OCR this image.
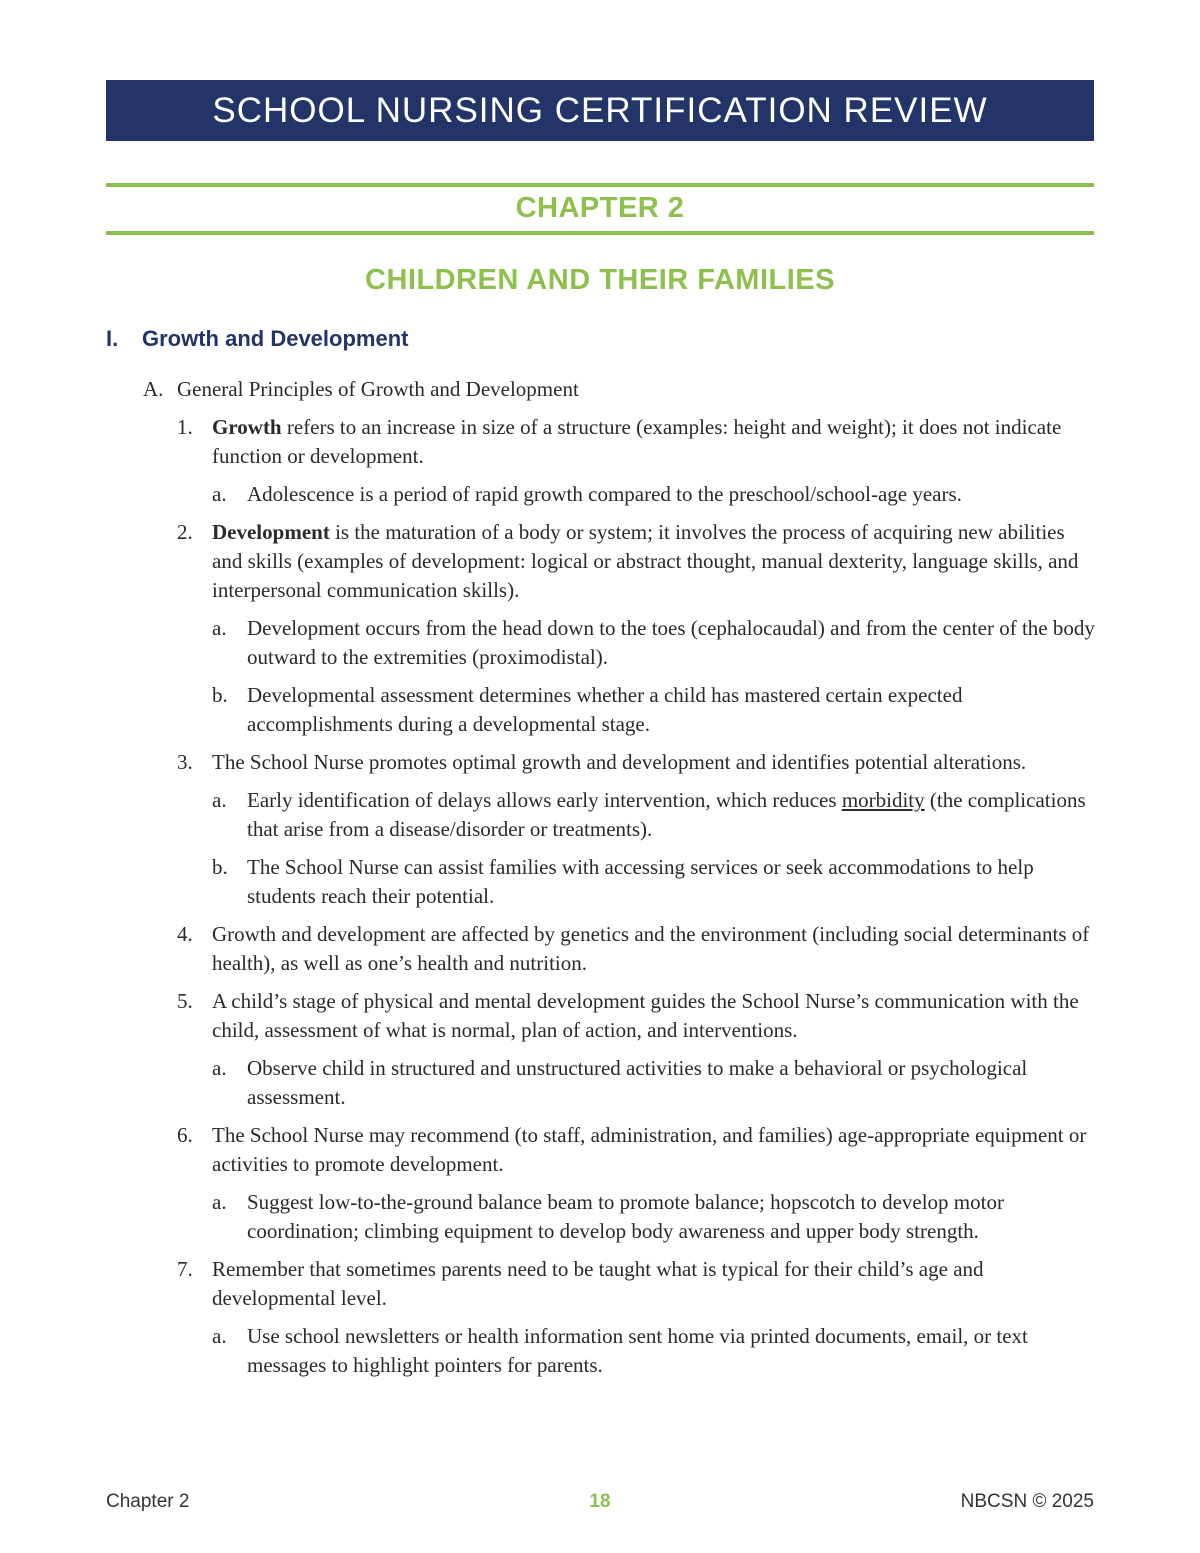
SCHOOL NURSING CERTIFICATION REVIEW
CHAPTER 2
CHILDREN AND THEIR FAMILIES
I. Growth and Development
A. General Principles of Growth and Development
1. Growth refers to an increase in size of a structure (examples: height and weight); it does not indicate function or development.
a. Adolescence is a period of rapid growth compared to the preschool/school-age years.
2. Development is the maturation of a body or system; it involves the process of acquiring new abilities and skills (examples of development: logical or abstract thought, manual dexterity, language skills, and interpersonal communication skills).
a. Development occurs from the head down to the toes (cephalocaudal) and from the center of the body outward to the extremities (proximodistal).
b. Developmental assessment determines whether a child has mastered certain expected accomplishments during a developmental stage.
3. The School Nurse promotes optimal growth and development and identifies potential alterations.
a. Early identification of delays allows early intervention, which reduces morbidity (the complications that arise from a disease/disorder or treatments).
b. The School Nurse can assist families with accessing services or seek accommodations to help students reach their potential.
4. Growth and development are affected by genetics and the environment (including social determinants of health), as well as one’s health and nutrition.
5. A child’s stage of physical and mental development guides the School Nurse’s communication with the child, assessment of what is normal, plan of action, and interventions.
a. Observe child in structured and unstructured activities to make a behavioral or psychological assessment.
6. The School Nurse may recommend (to staff, administration, and families) age-appropriate equipment or activities to promote development.
a. Suggest low-to-the-ground balance beam to promote balance; hopscotch to develop motor coordination; climbing equipment to develop body awareness and upper body strength.
7. Remember that sometimes parents need to be taught what is typical for their child’s age and developmental level.
a. Use school newsletters or health information sent home via printed documents, email, or text messages to highlight pointers for parents.
Chapter 2	18	NBCSN © 2025
